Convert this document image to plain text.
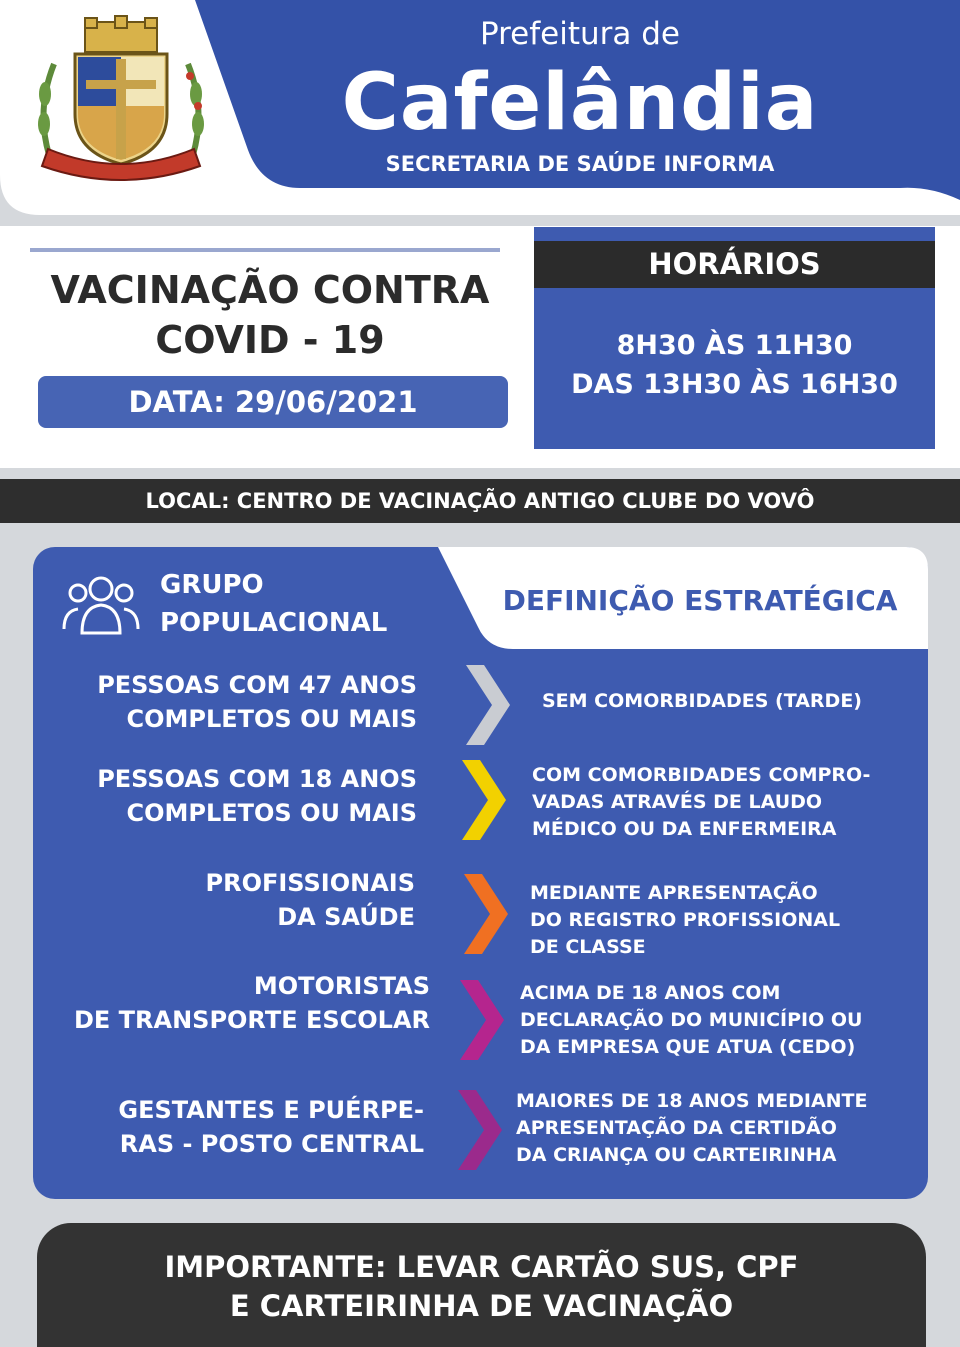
Prefeitura de
Cafelândia
SECRETARIA DE SAÚDE INFORMA
VACINAÇÃO CONTRA
COVID - 19
DATA: 29/06/2021
HORÁRIOS
8H30 ÀS 11H30
DAS 13H30 ÀS 16H30
LOCAL: CENTRO DE VACINAÇÃO ANTIGO CLUBE DO VOVÔ
GRUPO
POPULACIONAL
DEFINIÇÃO ESTRATÉGICA
PESSOAS COM 47 ANOS
COMPLETOS OU MAIS
SEM COMORBIDADES (TARDE)
PESSOAS COM 18 ANOS
COMPLETOS OU MAIS
COM COMORBIDADES COMPRO-
VADAS ATRAVÉS DE LAUDO
MÉDICO OU DA ENFERMEIRA
PROFISSIONAIS
DA SAÚDE
MEDIANTE APRESENTAÇÃO
DO REGISTRO PROFISSIONAL
DE CLASSE
MOTORISTAS
DE TRANSPORTE ESCOLAR
ACIMA DE 18 ANOS COM
DECLARAÇÃO DO MUNICÍPIO OU
DA EMPRESA QUE ATUA (CEDO)
GESTANTES E PUÉRPE-
RAS - POSTO CENTRAL
MAIORES DE 18 ANOS MEDIANTE
APRESENTAÇÃO DA CERTIDÃO
DA CRIANÇA OU CARTEIRINHA
IMPORTANTE: LEVAR CARTÃO SUS, CPF
E CARTEIRINHA DE VACINAÇÃO
